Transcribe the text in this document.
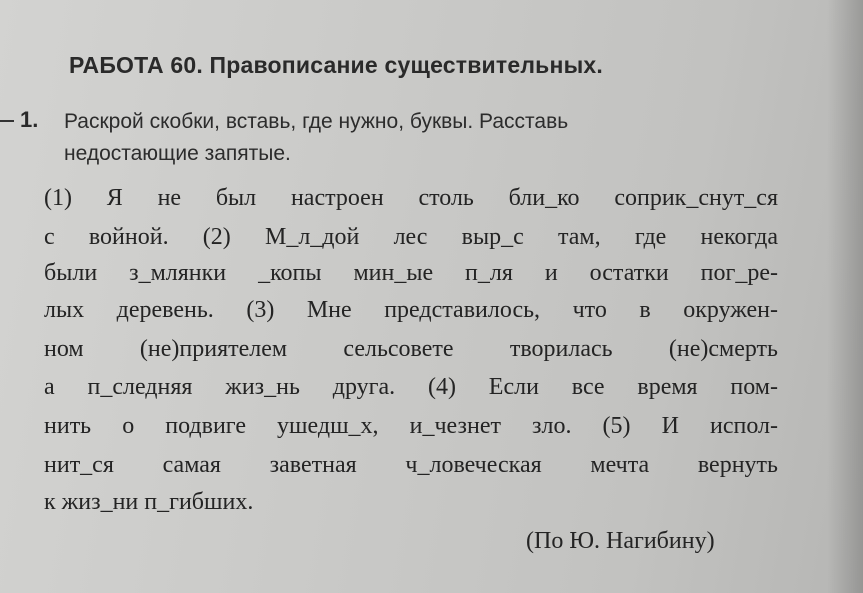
РАБОТА 60. Правописание существительных.
1. Раскрой скобки, вставь, где нужно, буквы. Расставь
недостающие запятые.
(1) Я не был настроен столь бли_ко соприк_снут_ся
с войной. (2) М_л_дой лес выр_с там, где некогда
были з_млянки _копы мин_ые п_ля и остатки пог_ре-
лых деревень. (3) Мне представилось, что в окружен-
ном (не)приятелем сельсовете творилась (не)смерть
а п_следняя жиз_нь друга. (4) Если все время пом-
нить о подвиге ушедш_х, и_чезнет зло. (5) И испол-
нит_ся самая заветная ч_ловеческая мечта вернуть
к жиз_ни п_гибших.
(По Ю. Нагибину)
